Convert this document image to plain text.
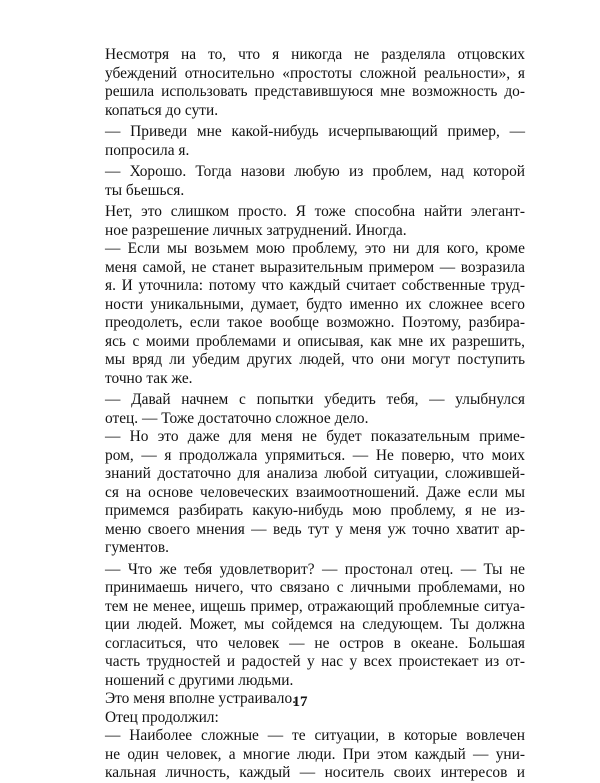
Несмотря на то, что я никогда не разделяла отцовских
убеждений относительно «простоты сложной реальности», я
решила использовать представившуюся мне возможность до-
копаться до сути.
— Приведи мне какой-нибудь исчерпывающий пример, —
попросила я.
— Хорошо. Тогда назови любую из проблем, над которой
ты бьешься.
Нет, это слишком просто. Я тоже способна найти элегант-
ное разрешение личных затруднений. Иногда.
— Если мы возьмем мою проблему, это ни для кого, кроме
меня самой, не станет выразительным примером — возразила
я. И уточнила: потому что каждый считает собственные труд-
ности уникальными, думает, будто именно их сложнее всего
преодолеть, если такое вообще возможно. Поэтому, разбира-
ясь с моими проблемами и описывая, как мне их разрешить,
мы вряд ли убедим других людей, что они могут поступить
точно так же.
— Давай начнем с попытки убедить тебя, — улыбнулся
отец. — Тоже достаточно сложное дело.
— Но это даже для меня не будет показательным приме-
ром, — я продолжала упрямиться. — Не поверю, что моих
знаний достаточно для анализа любой ситуации, сложившей-
ся на основе человеческих взаимоотношений. Даже если мы
примемся разбирать какую-нибудь мою проблему, я не из-
меню своего мнения — ведь тут у меня уж точно хватит ар-
гументов.
— Что же тебя удовлетворит? — простонал отец. — Ты не
принимаешь ничего, что связано с личными проблемами, но
тем не менее, ищешь пример, отражающий проблемные ситуа-
ции людей. Может, мы сойдемся на следующем. Ты должна
согласиться, что человек — не остров в океане. Большая
часть трудностей и радостей у нас у всех проистекает из от-
ношений с другими людьми.
Это меня вполне устраивало.
Отец продолжил:
— Наиболее сложные — те ситуации, в которые вовлечен
не один человек, а многие люди. При этом каждый — уни-
кальная личность, каждый — носитель своих интересов и
17
